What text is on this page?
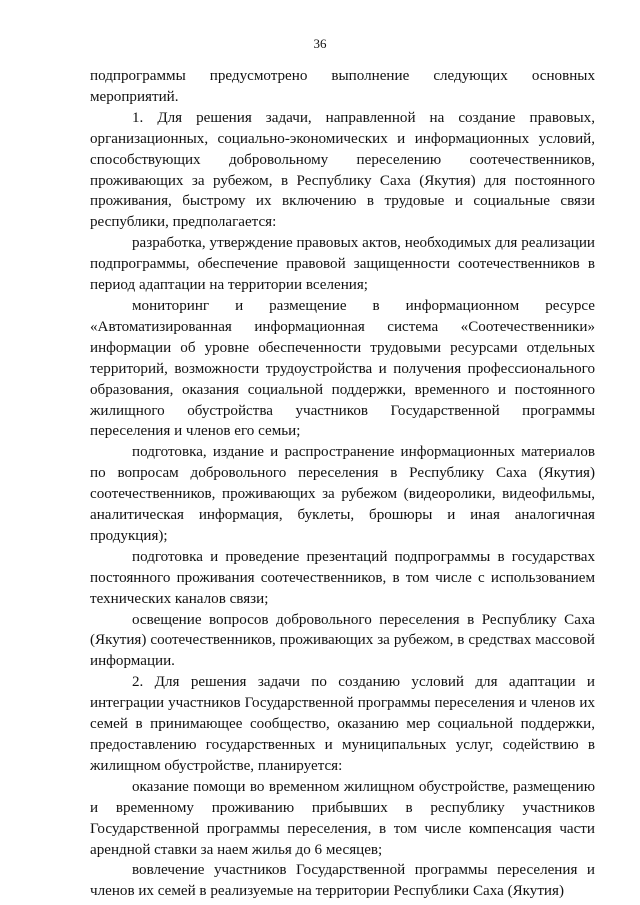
36

подпрограммы предусмотрено выполнение следующих основных мероприятий.

1. Для решения задачи, направленной на создание правовых, организационных, социально-экономических и информационных условий, способствующих добровольному переселению соотечественников, проживающих за рубежом, в Республику Саха (Якутия) для постоянного проживания, быстрому их включению в трудовые и социальные связи республики, предполагается:

разработка, утверждение правовых актов, необходимых для реализации подпрограммы, обеспечение правовой защищенности соотечественников в период адаптации на территории вселения;

мониторинг и размещение в информационном ресурсе «Автоматизированная информационная система «Соотечественники» информации об уровне обеспеченности трудовыми ресурсами отдельных территорий, возможности трудоустройства и получения профессионального образования, оказания социальной поддержки, временного и постоянного жилищного обустройства участников Государственной программы переселения и членов его семьи;

подготовка, издание и распространение информационных материалов по вопросам добровольного переселения в Республику Саха (Якутия) соотечественников, проживающих за рубежом (видеоролики, видеофильмы, аналитическая информация, буклеты, брошюры и иная аналогичная продукция);

подготовка и проведение презентаций подпрограммы в государствах постоянного проживания соотечественников, в том числе с использованием технических каналов связи;

освещение вопросов добровольного переселения в Республику Саха (Якутия) соотечественников, проживающих за рубежом, в средствах массовой информации.

2. Для решения задачи по созданию условий для адаптации и интеграции участников Государственной программы переселения и членов их семей в принимающее сообщество, оказанию мер социальной поддержки, предоставлению государственных и муниципальных услуг, содействию в жилищном обустройстве, планируется:

оказание помощи во временном жилищном обустройстве, размещению и временному проживанию прибывших в республику участников Государственной программы переселения, в том числе компенсация части арендной ставки за наем жилья до 6 месяцев;

вовлечение участников Государственной программы переселения и членов их семей в реализуемые на территории Республики Саха (Якутия)
